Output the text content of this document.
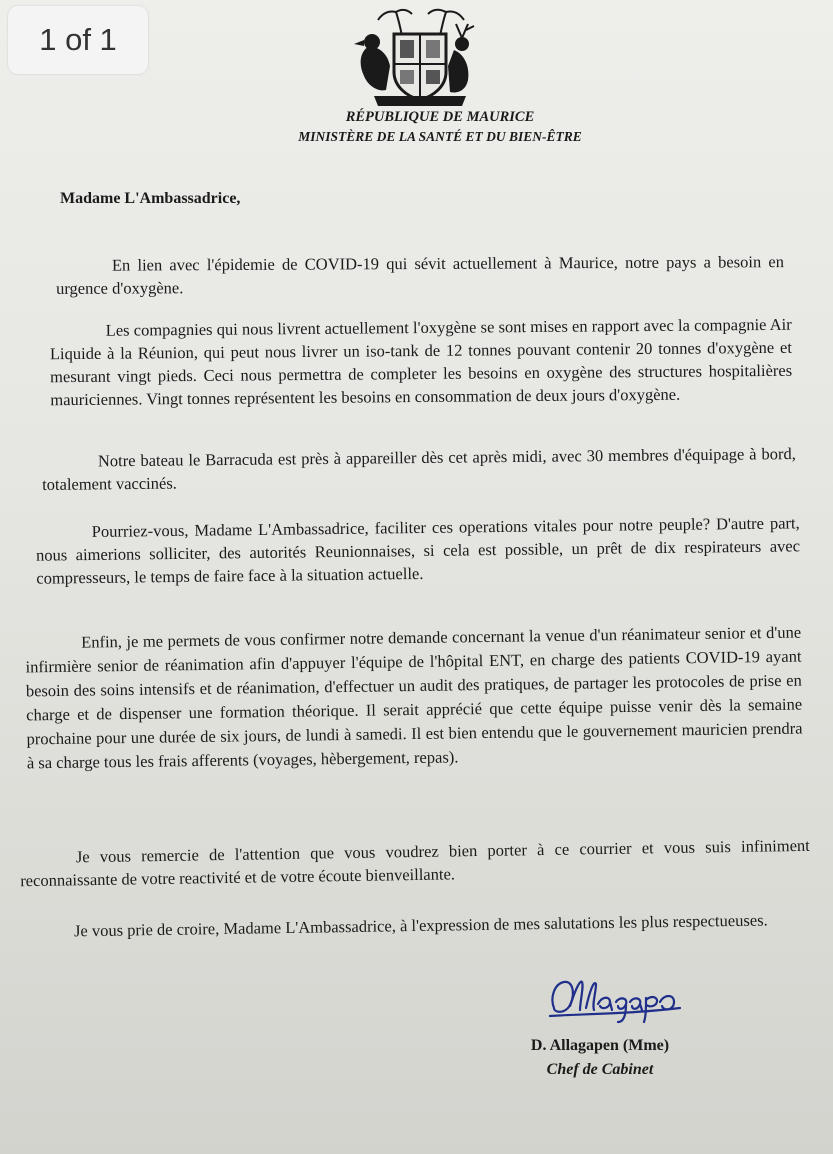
1 of 1
RÉPUBLIQUE DE MAURICE
MINISTÈRE DE LA SANTÉ ET DU BIEN-ÊTRE
Madame L'Ambassadrice,

En lien avec l'épidemie de COVID-19 qui sévit actuellement à Maurice, notre pays a besoin en urgence d'oxygène.

Les compagnies qui nous livrent actuellement l'oxygène se sont mises en rapport avec la compagnie Air Liquide à la Réunion, qui peut nous livrer un iso-tank de 12 tonnes pouvant contenir 20 tonnes d'oxygène et mesurant vingt pieds. Ceci nous permettra de completer les besoins en oxygène des structures hospitalières mauriciennes. Vingt tonnes représentent les besoins en consommation de deux jours d'oxygène.

Notre bateau le Barracuda est près à appareiller dès cet après midi, avec 30 membres d'équipage à bord, totalement vaccinés.

Pourriez-vous, Madame L'Ambassadrice, faciliter ces operations vitales pour notre peuple? D'autre part, nous aimerions solliciter, des autorités Reunionnaises, si cela est possible, un prêt de dix respirateurs avec compresseurs, le temps de faire face à la situation actuelle.

Enfin, je me permets de vous confirmer notre demande concernant la venue d'un réanimateur senior et d'une infirmière senior de réanimation afin d'appuyer l'équipe de l'hôpital ENT, en charge des patients COVID-19 ayant besoin des soins intensifs et de réanimation, d'effectuer un audit des pratiques, de partager les protocoles de prise en charge et de dispenser une formation théorique. Il serait apprécié que cette équipe puisse venir dès la semaine prochaine pour une durée de six jours, de lundi à samedi. Il est bien entendu que le gouvernement mauricien prendra à sa charge tous les frais afferents (voyages, hèbergement, repas).

Je vous remercie de l'attention que vous voudrez bien porter à ce courrier et vous suis infiniment reconnaissante de votre reactivité et de votre écoute bienveillante.

Je vous prie de croire, Madame L'Ambassadrice, à l'expression de mes salutations les plus respectueuses.

D. Allagapen (Mme)
Chef de Cabinet
